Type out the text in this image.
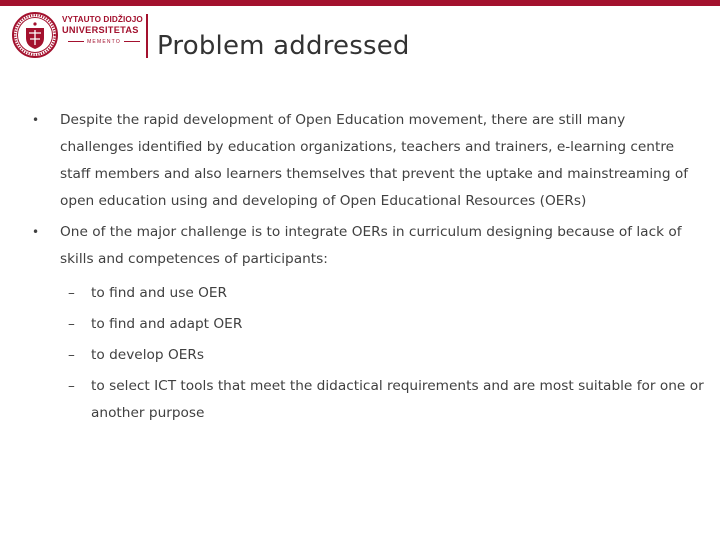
VYTAUTO DIDŽIOJO
UNIVERSITETAS
MEMENTO	Problem addressed
• Despite the rapid development of Open Education movement, there are still many challenges identified by education organizations, teachers and trainers, e-learning centre staff members and also learners themselves that prevent the uptake and mainstreaming of open education using and developing of Open Educational Resources (OERs)
• One of the major challenge is to integrate OERs in curriculum designing because of lack of skills and competences of participants:
– to find and use OER
– to find and adapt OER
– to develop OERs
– to select ICT tools that meet the didactical requirements and are most suitable for one or another purpose
